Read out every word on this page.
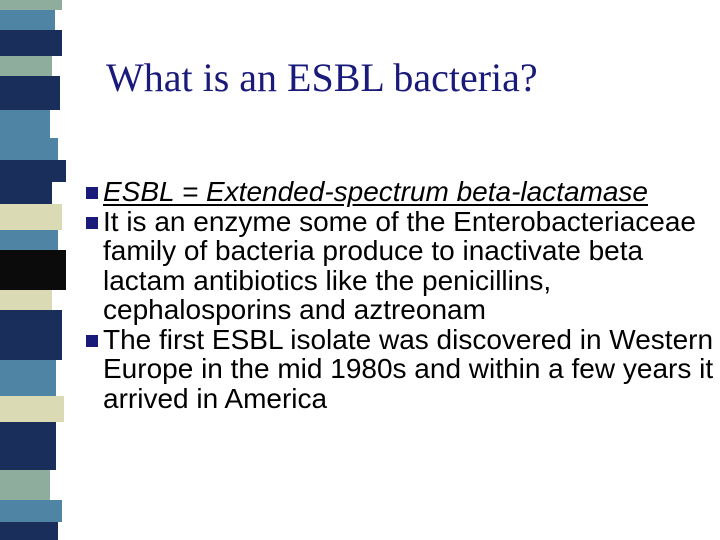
What is an ESBL bacteria?
ESBL = Extended-spectrum beta-lactamase
It is an enzyme some of the Enterobacteriaceae family of bacteria produce to inactivate beta lactam antibiotics like the penicillins, cephalosporins and aztreonam
The first ESBL isolate was discovered in Western Europe in the mid 1980s and within a few years it arrived in America
